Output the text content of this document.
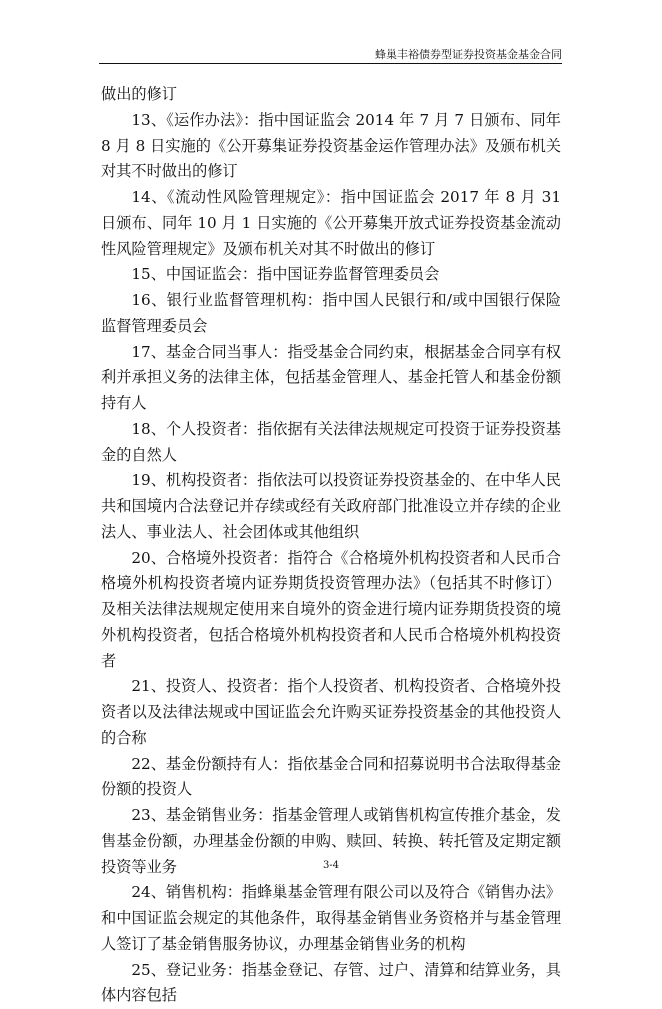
蜂巢丰裕债券型证券投资基金基金合同

做出的修订

13、《运作办法》：指中国证监会 2014 年 7 月 7 日颁布、同年 8 月 8 日实施的《公开募集证券投资基金运作管理办法》及颁布机关对其不时做出的修订

14、《流动性风险管理规定》：指中国证监会 2017 年 8 月 31 日颁布、同年 10 月 1 日实施的《公开募集开放式证券投资基金流动性风险管理规定》及颁布机关对其不时做出的修订

15、中国证监会：指中国证券监督管理委员会

16、银行业监督管理机构：指中国人民银行和/或中国银行保险监督管理委员会

17、基金合同当事人：指受基金合同约束，根据基金合同享有权利并承担义务的法律主体，包括基金管理人、基金托管人和基金份额持有人

18、个人投资者：指依据有关法律法规规定可投资于证券投资基金的自然人

19、机构投资者：指依法可以投资证券投资基金的、在中华人民共和国境内合法登记并存续或经有关政府部门批准设立并存续的企业法人、事业法人、社会团体或其他组织

20、合格境外投资者：指符合《合格境外机构投资者和人民币合格境外机构投资者境内证券期货投资管理办法》（包括其不时修订）及相关法律法规规定使用来自境外的资金进行境内证券期货投资的境外机构投资者，包括合格境外机构投资者和人民币合格境外机构投资者

21、投资人、投资者：指个人投资者、机构投资者、合格境外投资者以及法律法规或中国证监会允许购买证券投资基金的其他投资人的合称

22、基金份额持有人：指依基金合同和招募说明书合法取得基金份额的投资人

23、基金销售业务：指基金管理人或销售机构宣传推介基金，发售基金份额，办理基金份额的申购、赎回、转换、转托管及定期定额投资等业务

24、销售机构：指蜂巢基金管理有限公司以及符合《销售办法》和中国证监会规定的其他条件，取得基金销售业务资格并与基金管理人签订了基金销售服务协议，办理基金销售业务的机构

25、登记业务：指基金登记、存管、过户、清算和结算业务，具体内容包括

3-4
